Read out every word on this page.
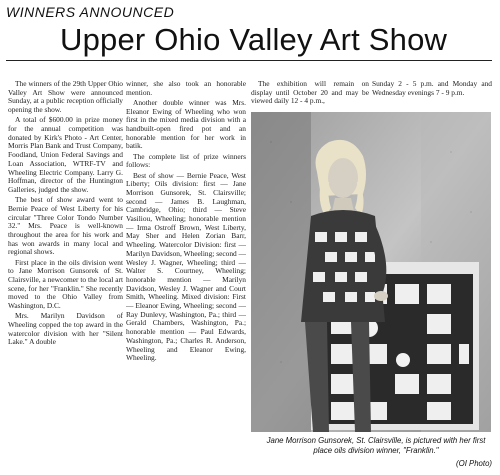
WINNERS ANNOUNCED
Upper Ohio Valley Art Show

The winners of the 29th Upper Ohio Valley Art Show were announced Sunday, at a public reception officially opening the show.

A total of $600.00 in prize money for the annual competition was donated by Kirk's Photo - Art Center, Morris Plan Bank and Trust Company, Foodland, Union Federal Savings and Loan Association, WTRF-TV and Wheeling Electric Company. Larry G. Hoffman, director of the Huntington Galleries, judged the show.

The best of show award went to Bernie Peace of West Liberty for his circular "Three Color Tondo Number 32." Mrs. Peace is well-known throughout the area for his work and has won awards in many local and regional shows.

First place in the oils division went to Jane Morrison Gunsorek of St. Clairsville, a newcomer to the local art scene, for her "Franklin." She recently moved to the Ohio Valley from Washington, D.C.

Mrs. Marilyn Davidson of Wheeling copped the top award in the watercolor division with her "Silent Lake." A double

winner, she also took an honorable mention.

Another double winner was Mrs. Eleanor Ewing of Wheeling who won first in the mixed media division with a handbuilt-open fired pot and an honorable mention for her work in batik.

The complete list of prize winners follows:

Best of show — Bernie Peace, West Liberty; Oils division: first — Jane Morrison Gunsorek, St. Clairsville; second — James B. Laughman, Cambridge, Ohio; third — Steve Vasiliou, Wheeling; honorable mention — Irma Ostroff Brown, West Liberty, May Sher and Helen Zorian Barr, Wheeling. Watercolor Division: first — Marilyn Davidson, Wheeling; second — Wesley J. Wagner, Wheeling; third — Walter S. Courtney, Wheeling; honorable mention — Marilyn Davidson, Wesley J. Wagner and Court Smith, Wheeling. Mixed division: First — Eleanor Ewing, Wheeling; second — Ray Dunlevy, Washington, Pa.; third — Gerald Chambers, Washington, Pa.; honorable mention — Paul Edwards, Washington, Pa.; Charles R. Anderson, Wheeling and Eleanor Ewing, Wheeling.

The exhibition will remain on display until October 20 and may be viewed daily 12 - 4 p.m.,

Sunday 2 - 5 p.m. and Monday and Wednesday evenings 7 - 9 p.m.

Jane Morrison Gunsorek, St. Clairsville, is pictured with her first place oils division winner, "Franklin."
(OI Photo)
